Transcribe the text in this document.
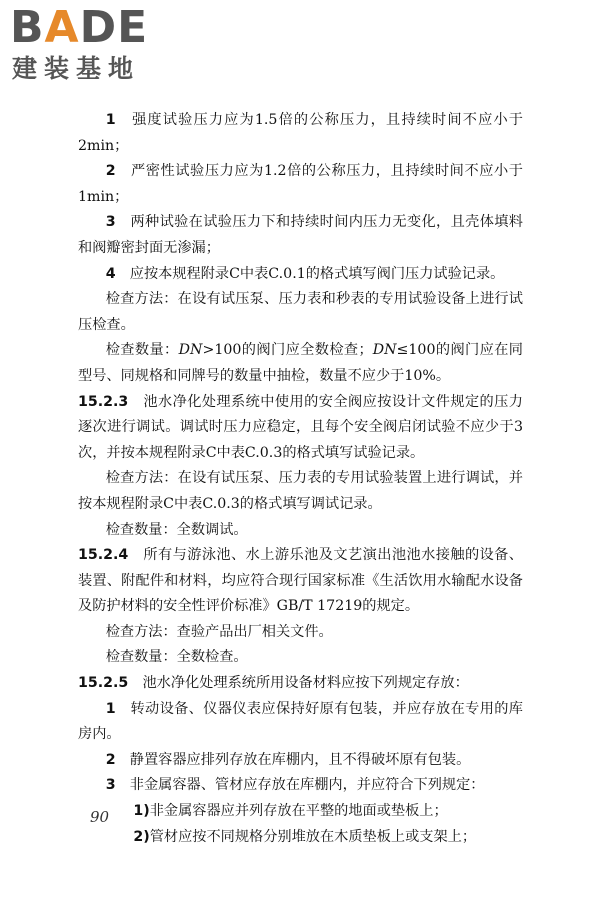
BADE
建装基地

1　 强度试验压力应为1.5倍的公称压力，且持续时间不应小于2min；

2　 严密性试验压力应为1.2倍的公称压力，且持续时间不应小于1min；

3　 两种试验在试验压力下和持续时间内压力无变化，且壳体填料和阀瓣密封面无渗漏；

4　 应按本规程附录C中表C.0.1的格式填写阀门压力试验记录。

检查方法：在设有试压泵、压力表和秒表的专用试验设备上进行试压检查。

检查数量：DN>100的阀门应全数检查；DN≤100的阀门应在同型号、同规格和同牌号的数量中抽检，数量不应少于10%。

15.2.3　 池水净化处理系统中使用的安全阀应按设计文件规定的压力逐次进行调试。调试时压力应稳定，且每个安全阀启闭试验不应少于3次，并按本规程附录C中表C.0.3的格式填写试验记录。

检查方法：在设有试压泵、压力表的专用试验装置上进行调试，并按本规程附录C中表C.0.3的格式填写调试记录。

检查数量：全数调试。

15.2.4　 所有与游泳池、水上游乐池及文艺演出池池水接触的设备、装置、附配件和材料，均应符合现行国家标准《生活饮用水输配水设备及防护材料的安全性评价标准》GB/T 17219的规定。

检查方法：查验产品出厂相关文件。

检查数量：全数检查。

15.2.5　 池水净化处理系统所用设备材料应按下列规定存放：

1　 转动设备、仪器仪表应保持好原有包装，并应存放在专用的库房内。

2　 静置容器应排列存放在库棚内，且不得破坏原有包装。

3　 非金属容器、管材应存放在库棚内，并应符合下列规定：

1)非金属容器应并列存放在平整的地面或垫板上；

2)管材应按不同规格分别堆放在木质垫板上或支架上；

90
